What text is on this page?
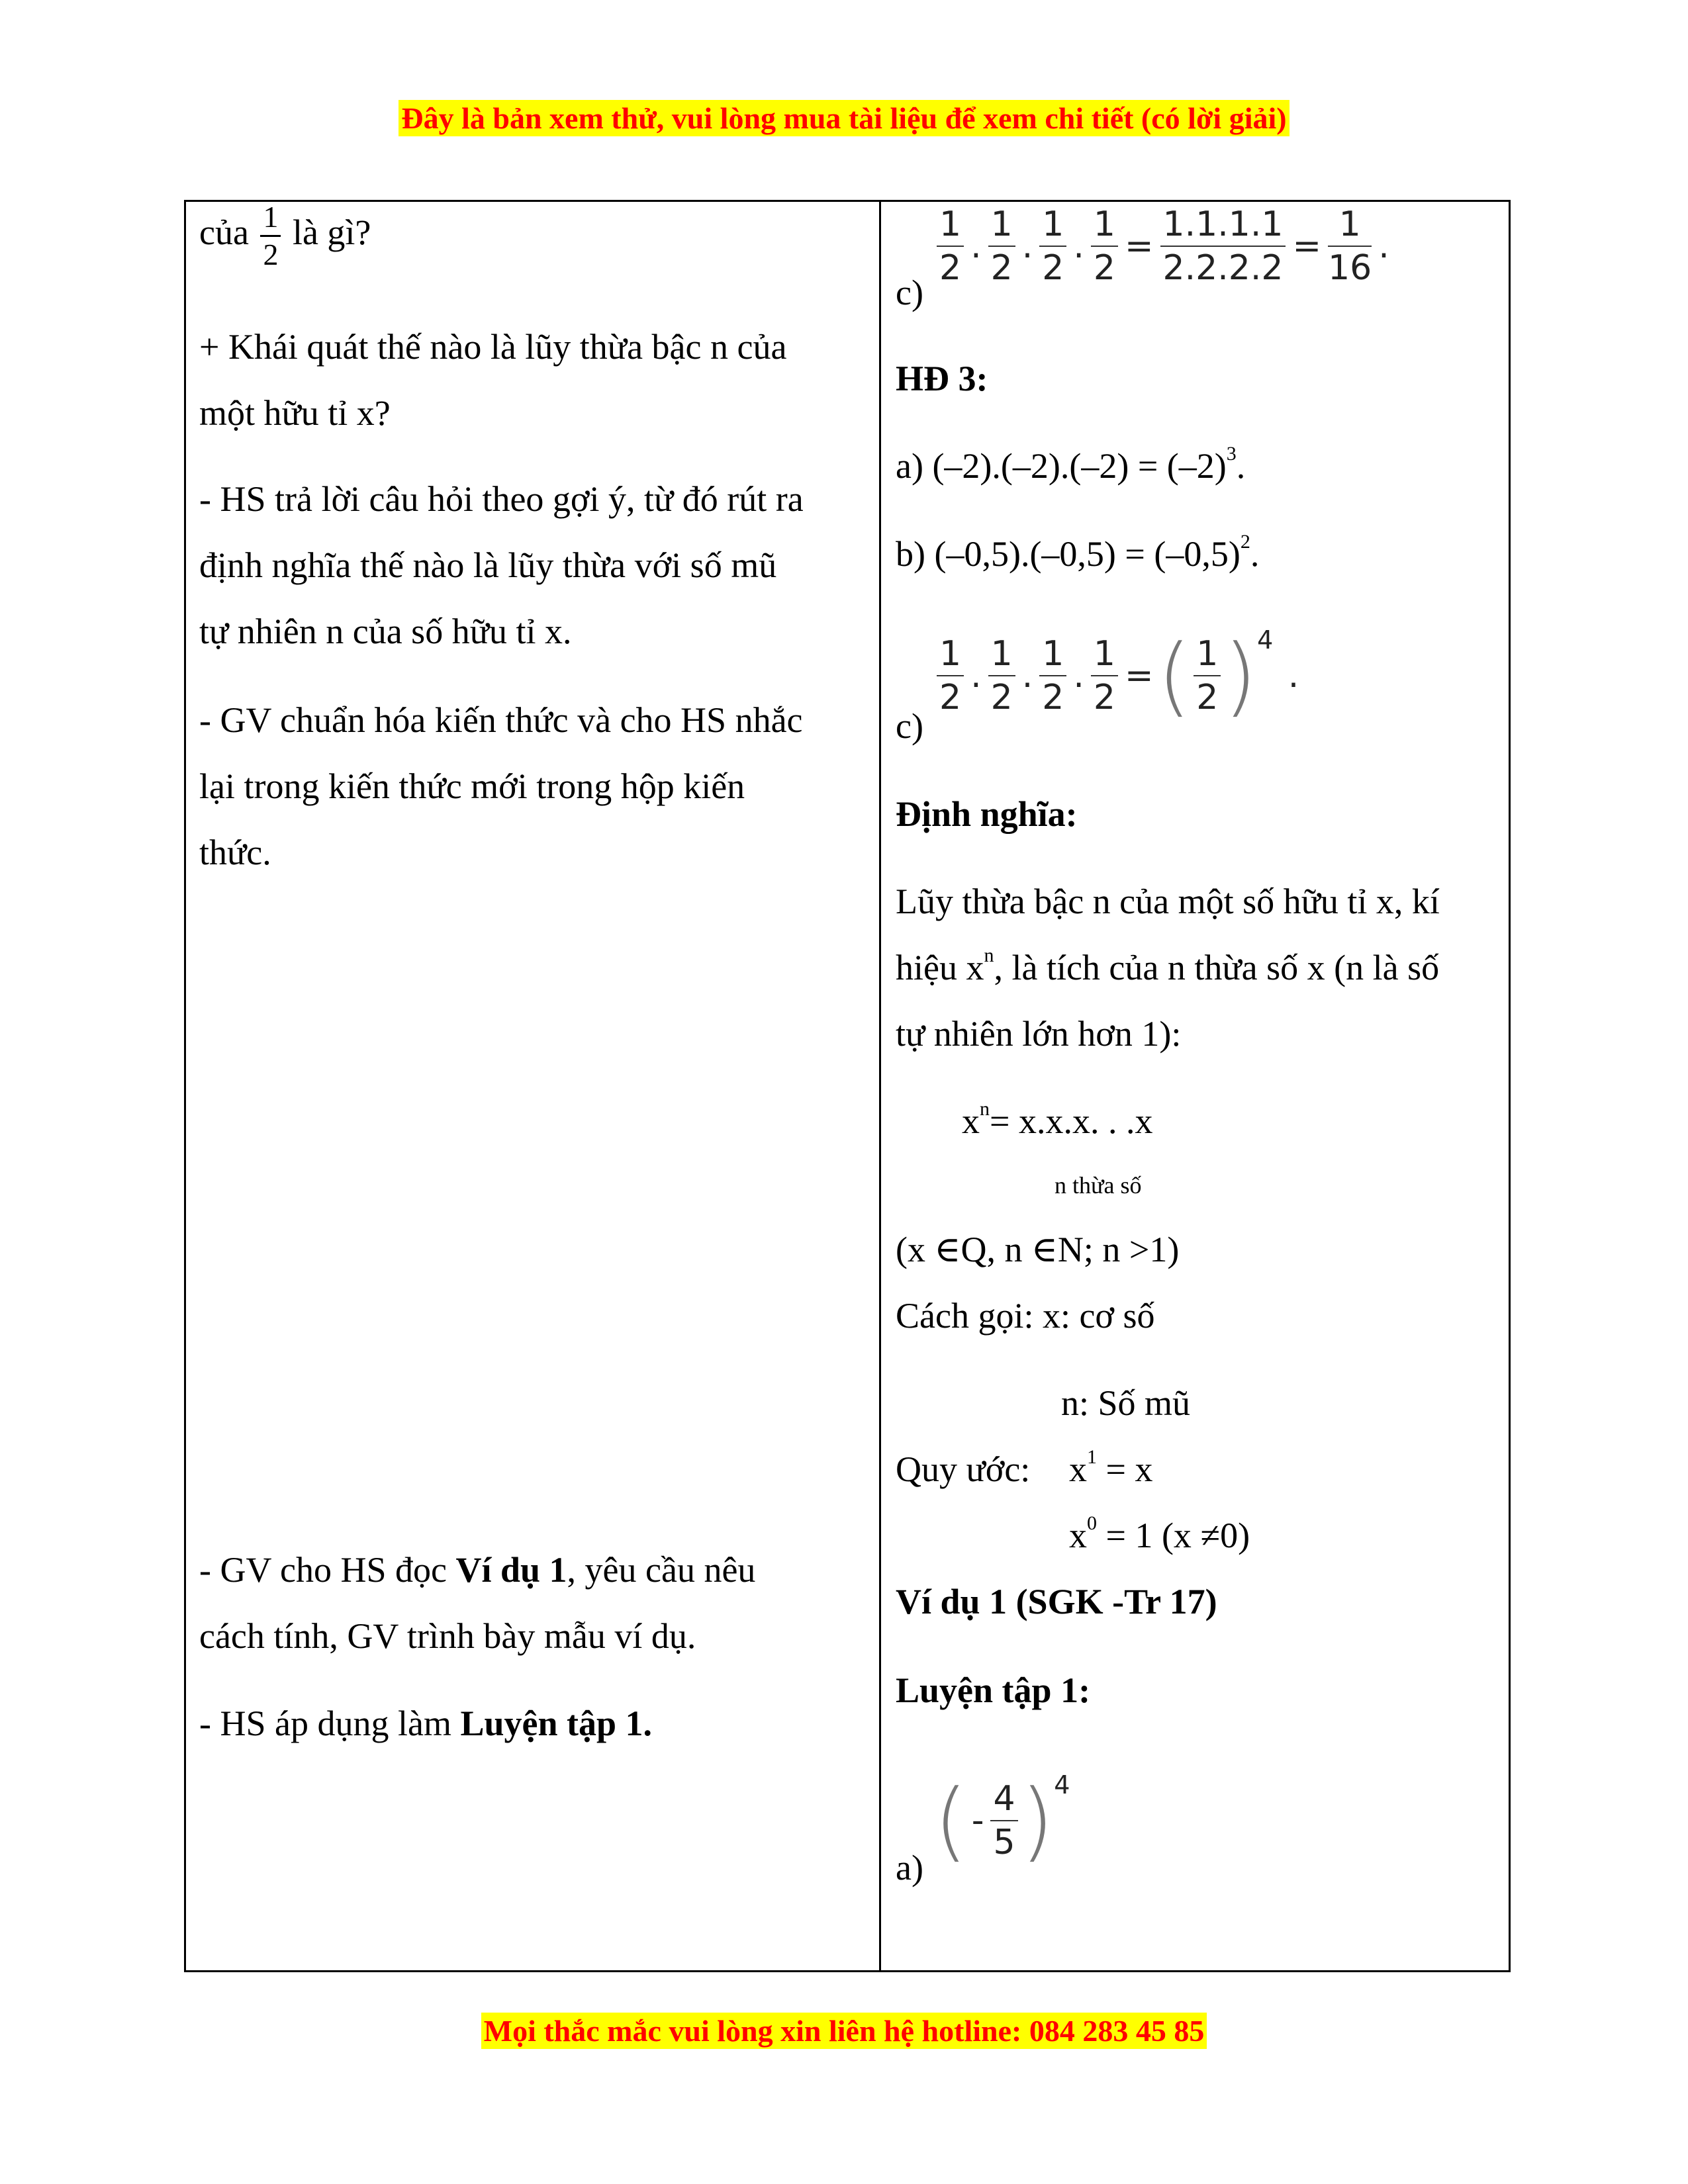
Đây là bản xem thử, vui lòng mua tài liệu để xem chi tiết (có lời giải)
của $\frac{1}{2}$ là gì?
+ Khái quát thế nào là lũy thừa bậc n của
một hữu tỉ x?
- HS trả lời câu hỏi theo gợi ý, từ đó rút ra
định nghĩa thế nào là lũy thừa với số mũ
tự nhiên n của số hữu tỉ x.
- GV chuẩn hóa kiến thức và cho HS nhắc
lại trong kiến thức mới trong hộp kiến
thức.
- GV cho HS đọc Ví dụ 1, yêu cầu nêu
cách tính, GV trình bày mẫu ví dụ.
- HS áp dụng làm Luyện tập 1.
c)
$\frac{1}{2}$ . $\frac{1}{2}$ . $\frac{1}{2}$ . $\frac{1}{2} = \frac{1.1.1.1}{2.2.2.2} = \frac{1}{16}$ .
HĐ 3:
a) $(-2).(-2).(-2) = (-2)^3$.
b) $(-0,5).(-0,5) = (-0,5)^2$.
c)
$\frac{1}{2}$ . $\frac{1}{2}$ . $\frac{1}{2}$ . $\frac{1}{2}$ =( $\frac{1}{2} )^4$ .
Định nghĩa:
Lũy thừa bậc n của một số hữu tỉ x, kí
hiệu $x^n$, là tích của n thừa số x (n là số
tự nhiên lớn hơn 1):
$x^n= x.x.x$. . .x
n thừa số
(x ∈Q, n ∈N; n >1)
Cách gọi: x: cơ số
n: Số mũ
Quy ước: $x^1 = x$
$x^0 = 1$ (x ≠0)
Ví dụ 1 (SGK -Tr 17)
Luyện tập 1:
a) ( - $\frac{4}{5} )^4$
Mọi thắc mắc vui lòng xin liên hệ hotline: 084 283 45 85
